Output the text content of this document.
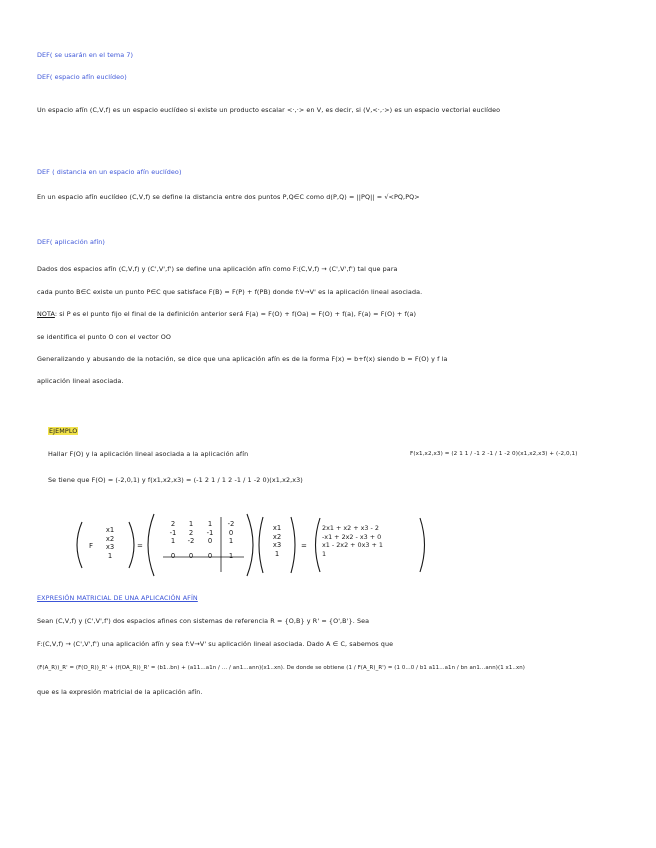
DEF( se usarán en el tema 7)
DEF( espacio afín euclídeo)
Un espacio afín (C,V,f) es un espacio euclídeo si existe un producto escalar <·,·> en V, es decir, si (V,<·,·>) es un espacio vectorial euclídeo
DEF ( distancia en un espacio afín euclídeo)
En un espacio afín euclídeo (C,V,f) se define la distancia entre dos puntos P,Q∈C como d(P,Q) = ||PQ|| = √<PQ,PQ>
DEF( aplicación afín)
Dados dos espacios afín (C,V,f) y (C',V',f') se define una aplicación afín como F:(C,V,f) → (C',V',f') tal que para
cada punto B∈C existe un punto P∈C que satisface F(B) = F(P) + f(PB) donde f:V→V' es la aplicación lineal asociada.
NOTA: si P es el punto fijo el final de la definición anterior será F(a) = F(O) + f(Oa) = F(O) + f(a), F(a) = F(O) + f(a)
se identifica el punto O con el vector OO
Generalizando y abusando de la notación, se dice que una aplicación afín es de la forma F(x) = b+f(x) siendo b = F(O) y f la
aplicación lineal asociada.
EJEMPLO
Hallar F(O) y la aplicación lineal asociada a la aplicación afín	F(x1,x2,x3) = (2 1 1 / -1 2 -1 / 1 -2 0)(x1,x2,x3) + (-2,0,1)
Se tiene que F(O) = (-2,0,1) y f(x1,x2,x3) = (-1 2 1 / 1 2 -1 / 1 -2 0)(x1,x2,x3)
F	=	=
x1
x2
x3
1
2	1	1	-2
-1	2	-1	0
1	-2	0	1
0	0	0	1
x1
x2
x3
1
2x1 + x2 + x3 - 2
-x1 + 2x2 - x3 + 0
x1 - 2x2 + 0x3 + 1
1
EXPRESIÓN MATRICIAL DE UNA APLICACIÓN AFÍN
Sean (C,V,f) y (C',V',f') dos espacios afines con sistemas de referencia R = {O,B} y R' = {O',B'}. Sea
F:(C,V,f) → (C',V',f') una aplicación afín y sea f:V→V' su aplicación lineal asociada. Dado A ∈ C, sabemos que
(F(A_R))_R' = (F(O_R))_R' + (f(OA_R))_R' = (b1..bn) + (a11...a1n / ... / an1...ann)(x1..xn). De donde se obtiene (1 / F(A_R)_R') = (1 0...0 / b1 a11...a1n / bn an1...ann)(1 x1..xn)
que es la expresión matricial de la aplicación afín.
